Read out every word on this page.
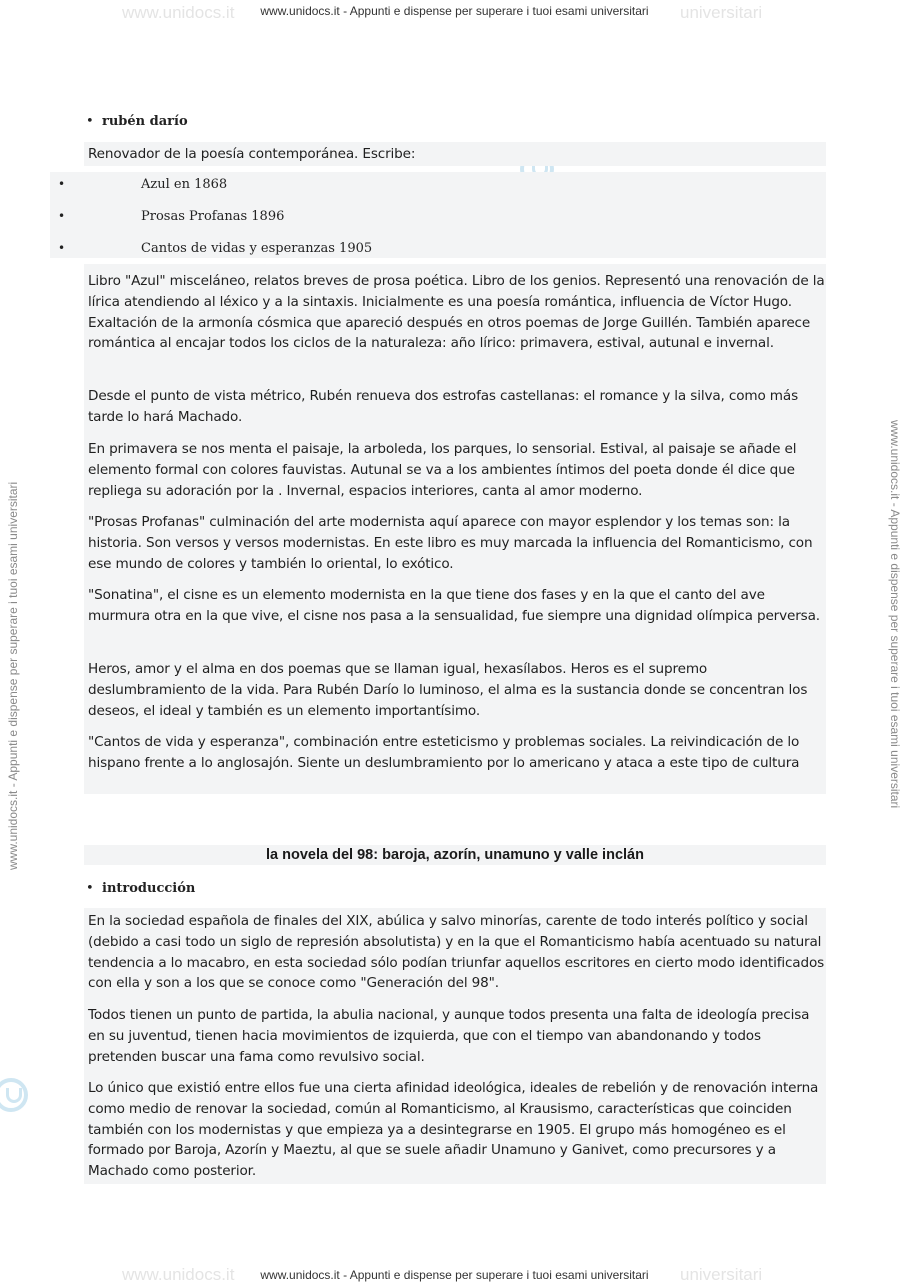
www.unidocs.it	universitari
www.unidocs.it - Appunti e dispense per superare i tuoi esami universitari
www.unidocs.it	universitari
www.unidocs.it - Appunti e dispense per superare i tuoi esami universitari
www.unidocs.it - Appunti e dispense per superare i tuoi esami universitari	www.unidocs.it - Appunti e dispense per superare i tuoi esami universitari
• rubén darío
Renovador de la poesía contemporánea. Escribe:
•	Azul en 1868
•	Prosas Profanas 1896
•	Cantos de vidas y esperanzas 1905
Libro "Azul" misceláneo, relatos breves de prosa poética. Libro de los genios. Representó una renovación de la lírica atendiendo al léxico y a la sintaxis. Inicialmente es una poesía romántica, influencia de Víctor Hugo. Exaltación de la armonía cósmica que apareció después en otros poemas de Jorge Guillén. También aparece romántica al encajar todos los ciclos de la naturaleza: año lírico: primavera, estival, autunal e invernal.
Desde el punto de vista métrico, Rubén renueva dos estrofas castellanas: el romance y la silva, como más tarde lo hará Machado.
En primavera se nos menta el paisaje, la arboleda, los parques, lo sensorial. Estival, al paisaje se añade el elemento formal con colores fauvistas. Autunal se va a los ambientes íntimos del poeta donde él dice que repliega su adoración por la . Invernal, espacios interiores, canta al amor moderno.
"Prosas Profanas" culminación del arte modernista aquí aparece con mayor esplendor y los temas son: la historia. Son versos y versos modernistas. En este libro es muy marcada la influencia del Romanticismo, con ese mundo de colores y también lo oriental, lo exótico.
"Sonatina", el cisne es un elemento modernista en la que tiene dos fases y en la que el canto del ave murmura otra en la que vive, el cisne nos pasa a la sensualidad, fue siempre una dignidad olímpica perversa.
Heros, amor y el alma en dos poemas que se llaman igual, hexasílabos. Heros es el supremo deslumbramiento de la vida. Para Rubén Darío lo luminoso, el alma es la sustancia donde se concentran los deseos, el ideal y también es un elemento importantísimo.
"Cantos de vida y esperanza", combinación entre esteticismo y problemas sociales. La reivindicación de lo hispano frente a lo anglosajón. Siente un deslumbramiento por lo americano y ataca a este tipo de cultura
la novela del 98: baroja, azorín, unamuno y valle inclán
• introducción
En la sociedad española de finales del XIX, abúlica y salvo minorías, carente de todo interés político y social (debido a casi todo un siglo de represión absolutista) y en la que el Romanticismo había acentuado su natural tendencia a lo macabro, en esta sociedad sólo podían triunfar aquellos escritores en cierto modo identificados con ella y son a los que se conoce como "Generación del 98".
Todos tienen un punto de partida, la abulia nacional, y aunque todos presenta una falta de ideología precisa en su juventud, tienen hacia movimientos de izquierda, que con el tiempo van abandonando y todos pretenden buscar una fama como revulsivo social.
Lo único que existió entre ellos fue una cierta afinidad ideológica, ideales de rebelión y de renovación interna como medio de renovar la sociedad, común al Romanticismo, al Krausismo, características que coinciden también con los modernistas y que empieza ya a desintegrarse en 1905. El grupo más homogéneo es el formado por Baroja, Azorín y Maeztu, al que se suele añadir Unamuno y Ganivet, como precursores y a Machado como posterior.
